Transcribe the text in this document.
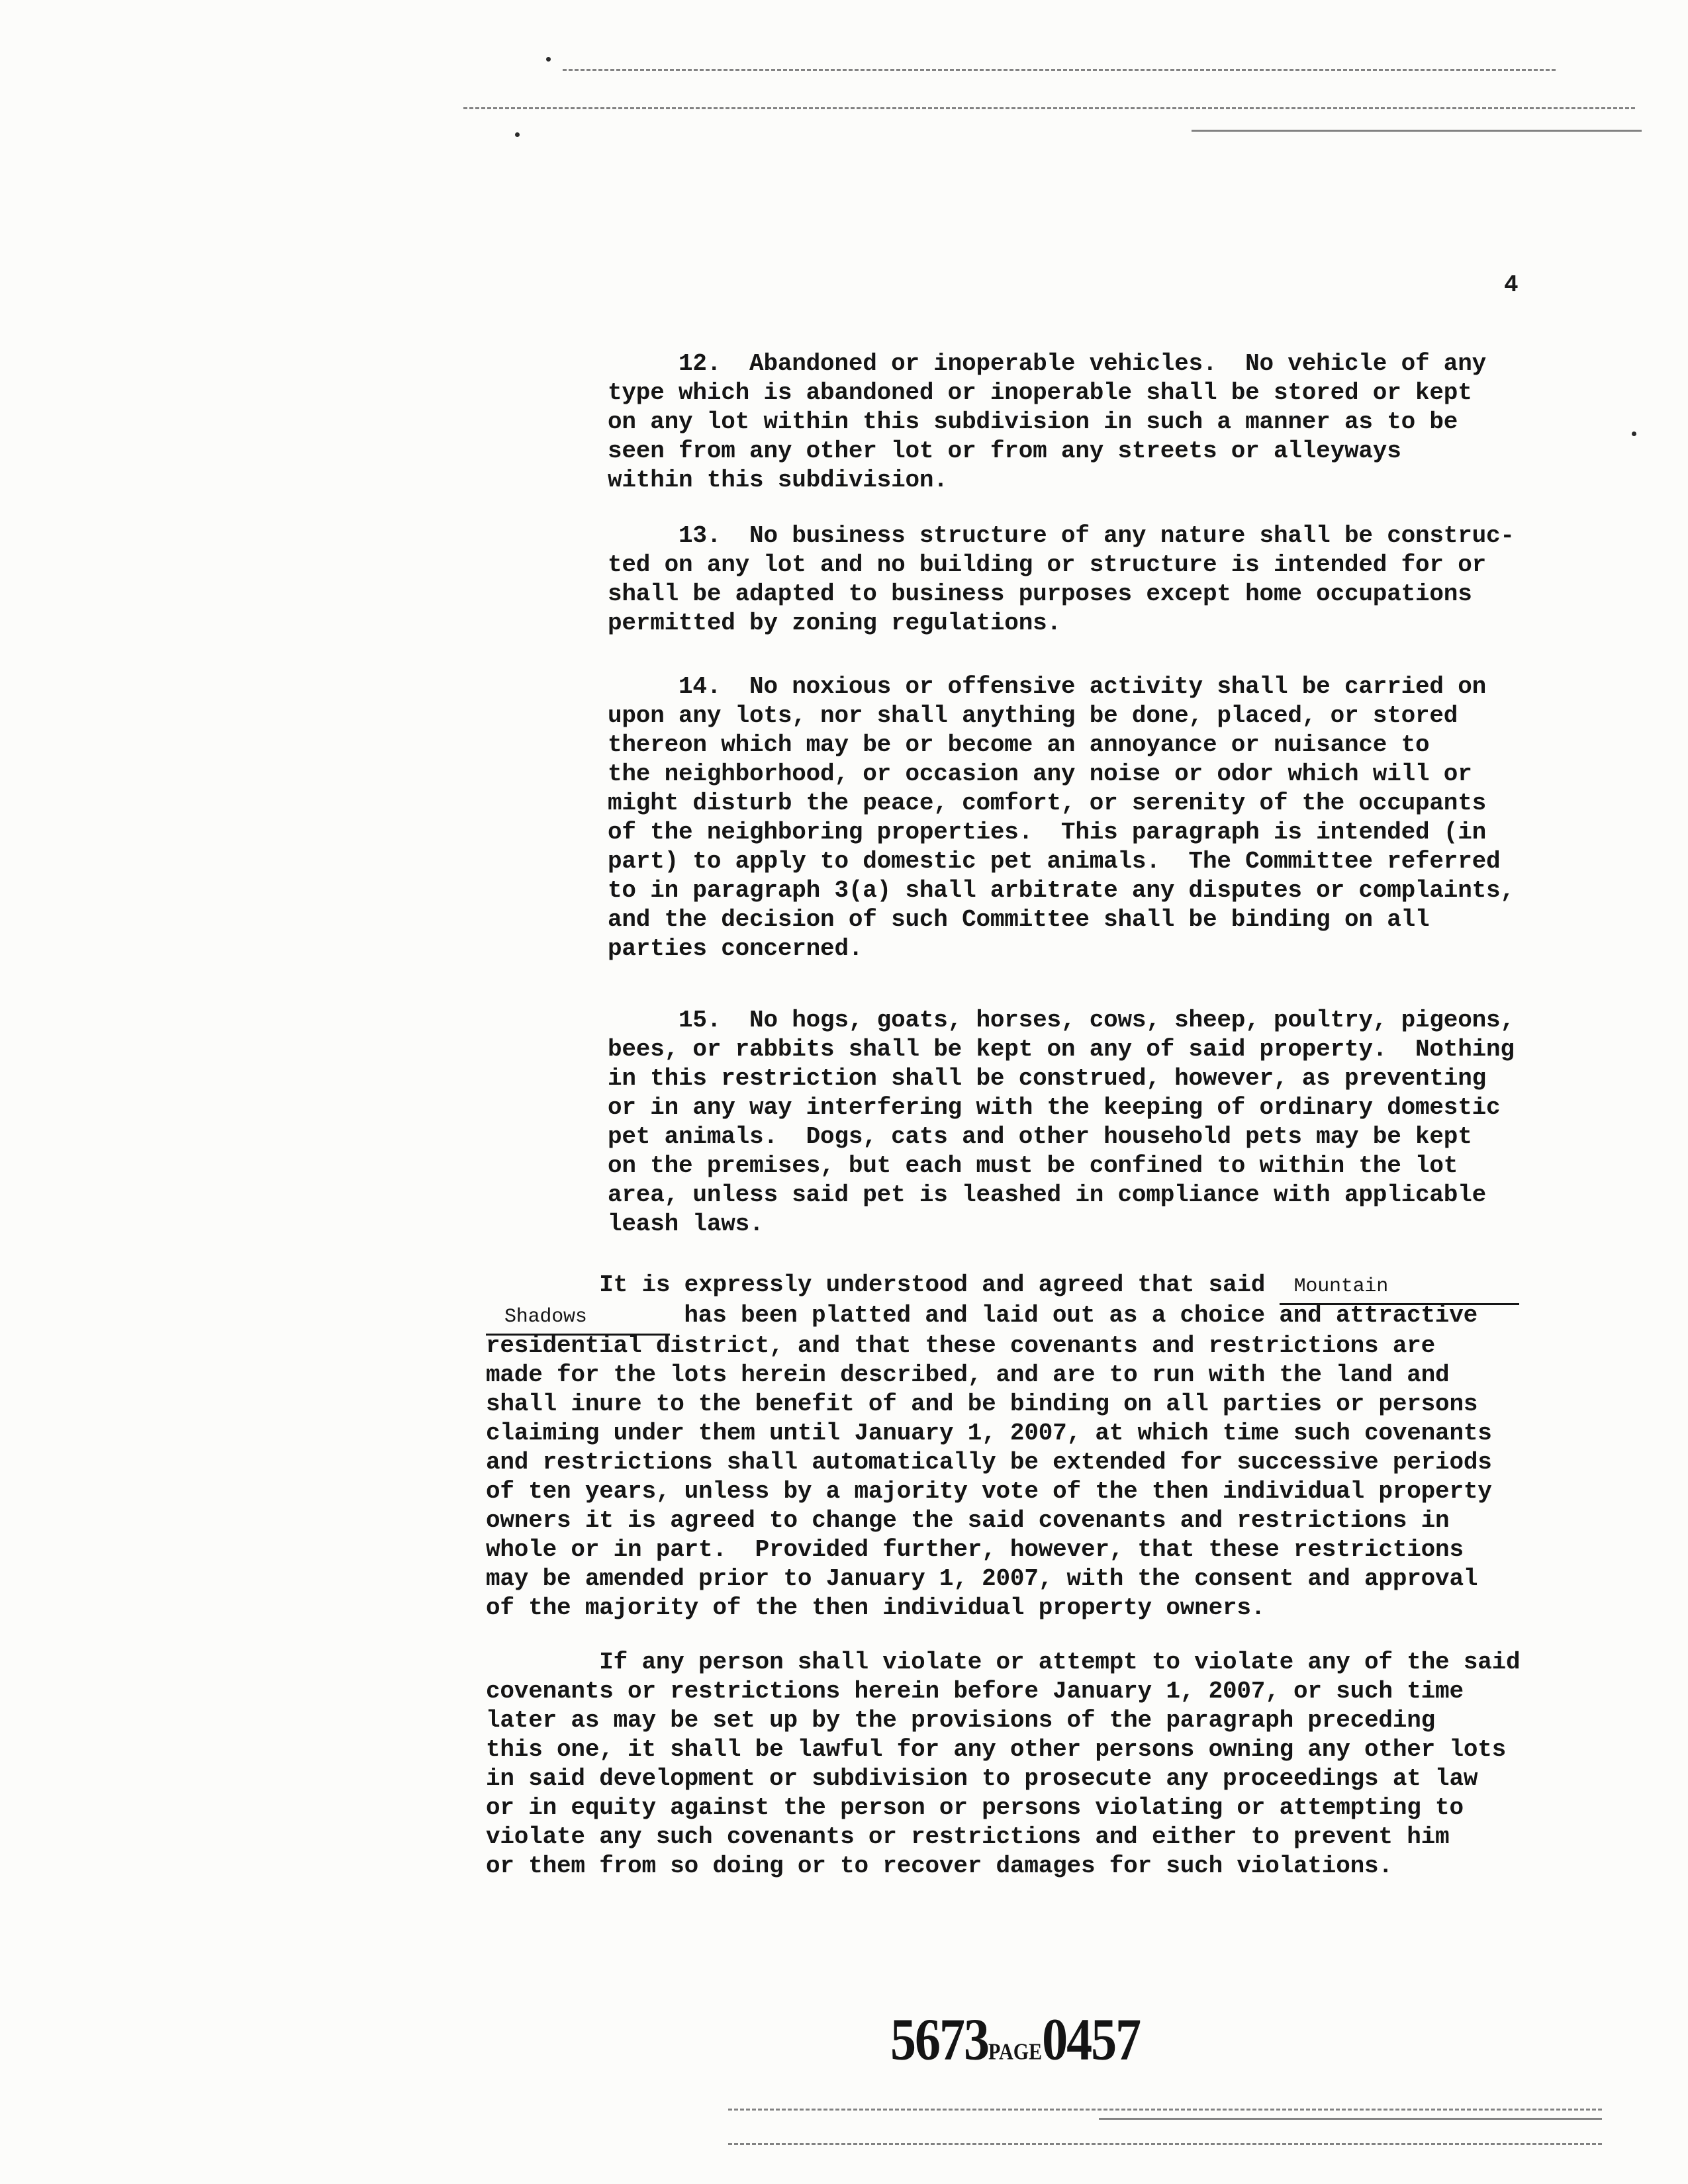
4
12.  Abandoned or inoperable vehicles.  No vehicle of any
type which is abandoned or inoperable shall be stored or kept
on any lot within this subdivision in such a manner as to be
seen from any other lot or from any streets or alleyways
within this subdivision.
13.  No business structure of any nature shall be construc-
ted on any lot and no building or structure is intended for or
shall be adapted to business purposes except home occupations
permitted by zoning regulations.
14.  No noxious or offensive activity shall be carried on
upon any lots, nor shall anything be done, placed, or stored
thereon which may be or become an annoyance or nuisance to
the neighborhood, or occasion any noise or odor which will or
might disturb the peace, comfort, or serenity of the occupants
of the neighboring properties.  This paragraph is intended (in
part) to apply to domestic pet animals.  The Committee referred
to in paragraph 3(a) shall arbitrate any disputes or complaints,
and the decision of such Committee shall be binding on all
parties concerned.
15.  No hogs, goats, horses, cows, sheep, poultry, pigeons,
bees, or rabbits shall be kept on any of said property.  Nothing
in this restriction shall be construed, however, as preventing
or in any way interfering with the keeping of ordinary domestic
pet animals.  Dogs, cats and other household pets may be kept
on the premises, but each must be confined to within the lot
area, unless said pet is leashed in compliance with applicable
leash laws.
It is expressly understood and agreed that said Mountain

Shadows	has been platted and laid out as a choice and attractive
residential district, and that these covenants and restrictions are
made for the lots herein described, and are to run with the land and
shall inure to the benefit of and be binding on all parties or persons
claiming under them until January 1, 2007, at which time such covenants
and restrictions shall automatically be extended for successive periods
of ten years, unless by a majority vote of the then individual property
owners it is agreed to change the said covenants and restrictions in
whole or in part.  Provided further, however, that these restrictions
may be amended prior to January 1, 2007, with the consent and approval
of the majority of the then individual property owners.
If any person shall violate or attempt to violate any of the said
covenants or restrictions herein before January 1, 2007, or such time
later as may be set up by the provisions of the paragraph preceding
this one, it shall be lawful for any other persons owning any other lots
in said development or subdivision to prosecute any proceedings at law
or in equity against the person or persons violating or attempting to
violate any such covenants or restrictions and either to prevent him
or them from so doing or to recover damages for such violations.
5673PAGE0457
